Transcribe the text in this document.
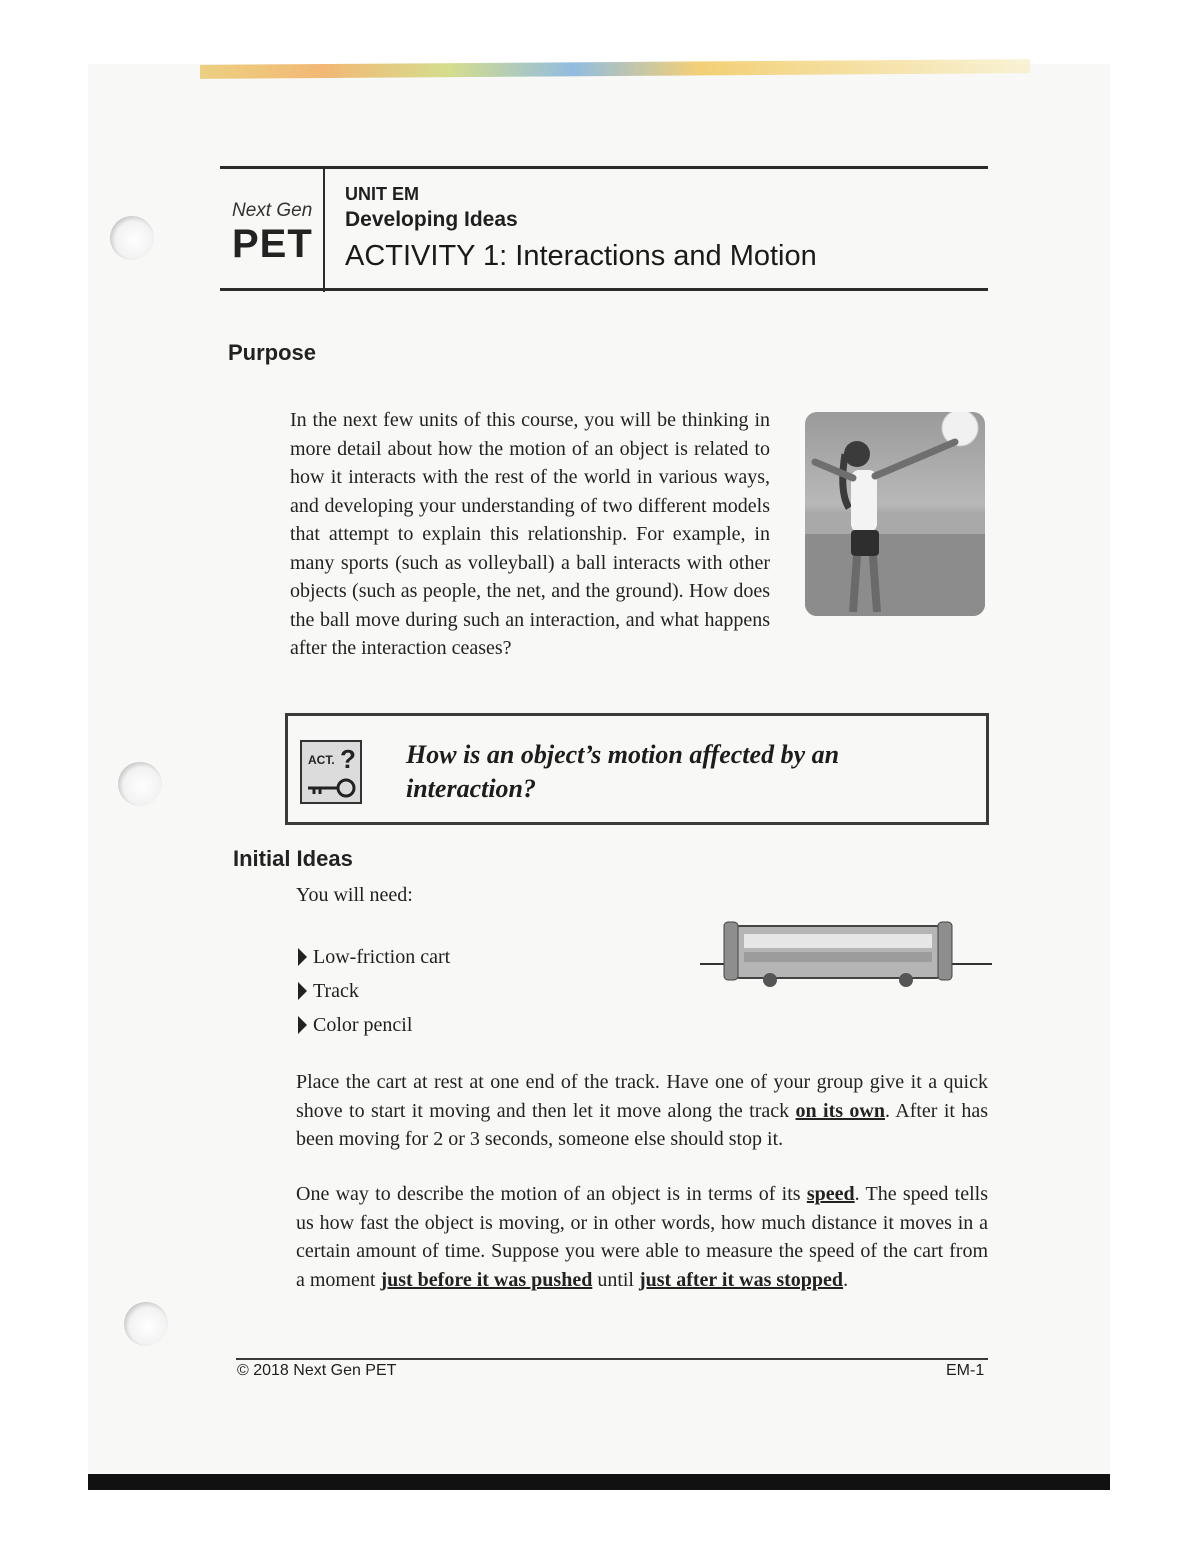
Next Gen
PET
UNIT EM
Developing Ideas
ACTIVITY 1: Interactions and Motion
Purpose
In the next few units of this course, you will be thinking in more detail about how the motion of an object is related to how it interacts with the rest of the world in various ways, and developing your understanding of two different models that attempt to explain this relationship. For example, in many sports (such as volleyball) a ball interacts with other objects (such as people, the net, and the ground). How does the ball move during such an interaction, and what happens after the interaction ceases?
ACT. ? How is an object’s motion affected by an interaction?
Initial Ideas
You will need:
Low-friction cart
Track
Color pencil
Place the cart at rest at one end of the track. Have one of your group give it a quick shove to start it moving and then let it move along the track on its own. After it has been moving for 2 or 3 seconds, someone else should stop it.
One way to describe the motion of an object is in terms of its speed. The speed tells us how fast the object is moving, or in other words, how much distance it moves in a certain amount of time. Suppose you were able to measure the speed of the cart from a moment just before it was pushed until just after it was stopped.
© 2018 Next Gen PET	EM-1
